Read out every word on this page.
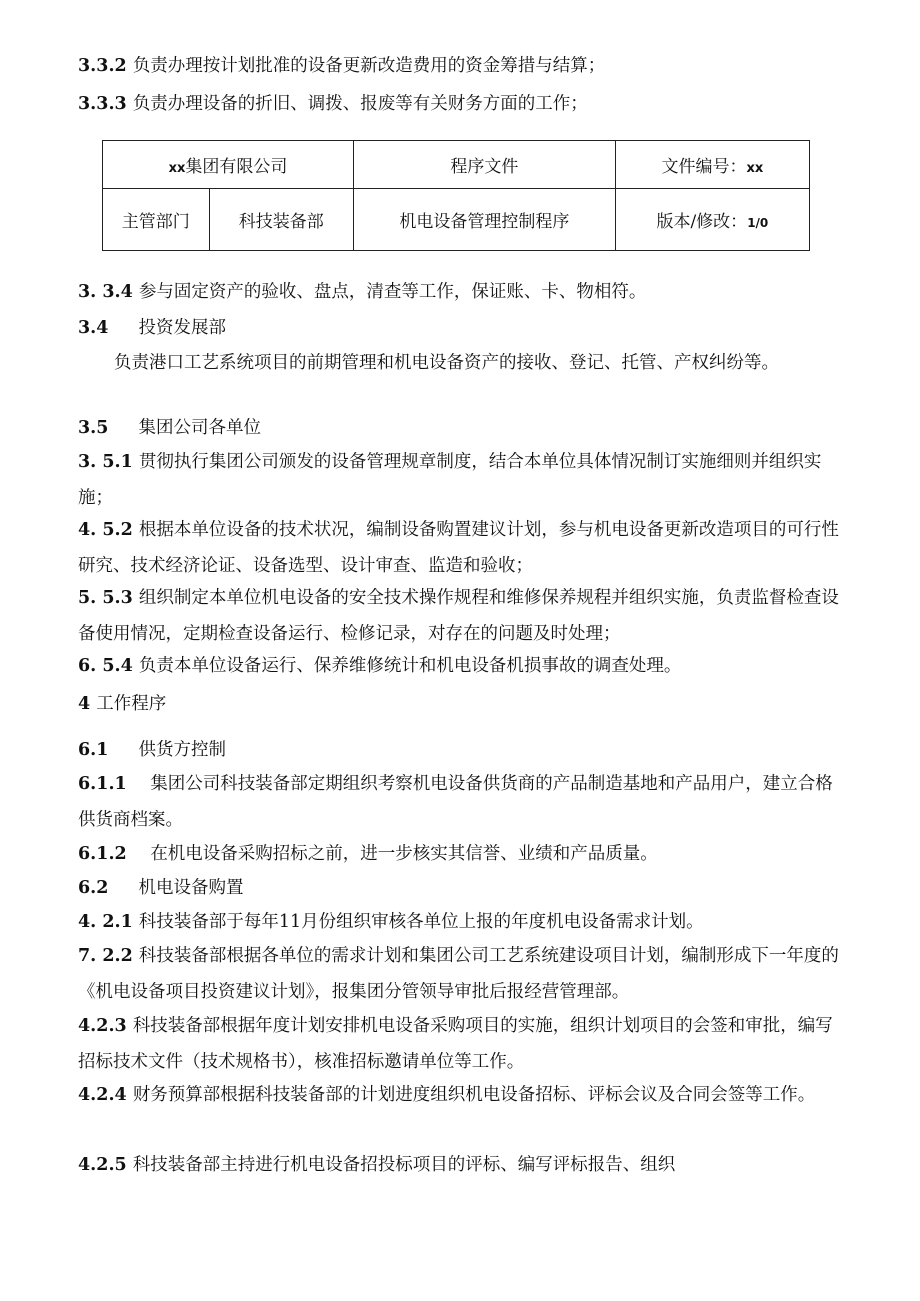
3.3.2 负责办理按计划批准的设备更新改造费用的资金筹措与结算；
3.3.3 负责办理设备的折旧、调拨、报废等有关财务方面的工作；
xx集团有限公司		程序文件	文件编号：xx
主管部门	科技装备部	机电设备管理控制程序	版本/修改：1/0
3. 3.4 参与固定资产的验收、盘点，清查等工作，保证账、卡、物相符。
3.4 投资发展部
负责港口工艺系统项目的前期管理和机电设备资产的接收、登记、托管、产权纠纷等。
3.5 集团公司各单位
3. 5.1 贯彻执行集团公司颁发的设备管理规章制度，结合本单位具体情况制订实施细则并组织实施；
4. 5.2 根据本单位设备的技术状况，编制设备购置建议计划，参与机电设备更新改造项目的可行性研究、技术经济论证、设备选型、设计审查、监造和验收；
5. 5.3 组织制定本单位机电设备的安全技术操作规程和维修保养规程并组织实施，负责监督检查设备使用情况，定期检查设备运行、检修记录，对存在的问题及时处理；
6. 5.4 负责本单位设备运行、保养维修统计和机电设备机损事故的调查处理。
4 工作程序
6.1 供货方控制
6.1.1　 集团公司科技装备部定期组织考察机电设备供货商的产品制造基地和产品用户，建立合格供货商档案。
6.1.2　 在机电设备采购招标之前，进一步核实其信誉、业绩和产品质量。
6.2 机电设备购置
4. 2.1 科技装备部于每年11月份组织审核各单位上报的年度机电设备需求计划。
7. 2.2 科技装备部根据各单位的需求计划和集团公司工艺系统建设项目计划，编制形成下一年度的《机电设备项目投资建议计划》，报集团分管领导审批后报经营管理部。
4.2.3 科技装备部根据年度计划安排机电设备采购项目的实施，组织计划项目的会签和审批，编写招标技术文件（技术规格书），核准招标邀请单位等工作。
4.2.4 财务预算部根据科技装备部的计划进度组织机电设备招标、评标会议及合同会签等工作。
4.2.5 科技装备部主持进行机电设备招投标项目的评标、编写评标报告、组织
